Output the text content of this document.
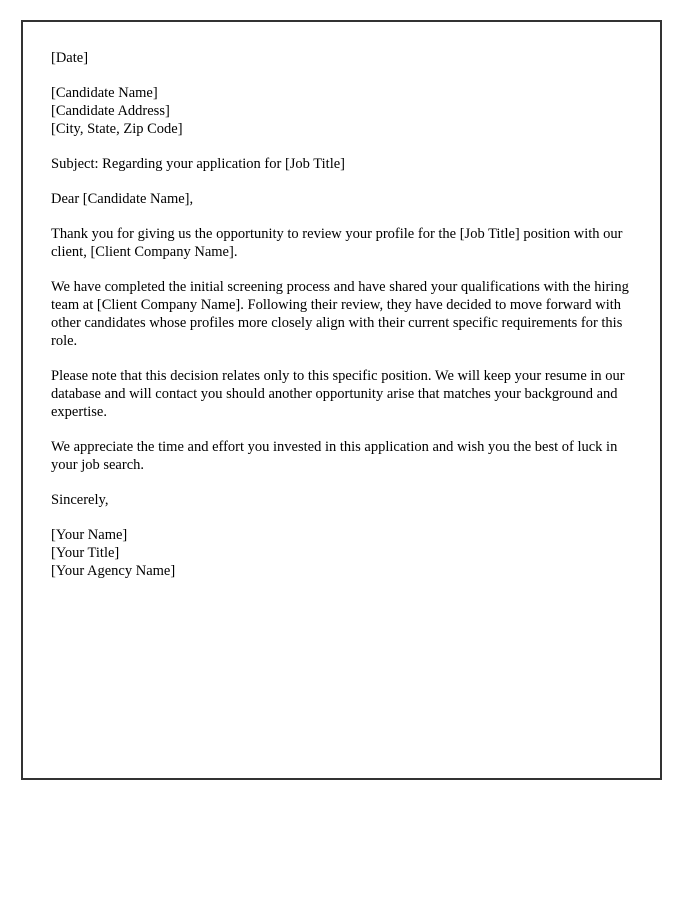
[Date]
[Candidate Name]
[Candidate Address]
[City, State, Zip Code]
Subject: Regarding your application for [Job Title]
Dear [Candidate Name],
Thank you for giving us the opportunity to review your profile for the [Job Title] position with our client, [Client Company Name].
We have completed the initial screening process and have shared your qualifications with the hiring team at [Client Company Name]. Following their review, they have decided to move forward with other candidates whose profiles more closely align with their current specific requirements for this role.
Please note that this decision relates only to this specific position. We will keep your resume in our database and will contact you should another opportunity arise that matches your background and expertise.
We appreciate the time and effort you invested in this application and wish you the best of luck in your job search.
Sincerely,
[Your Name]
[Your Title]
[Your Agency Name]
